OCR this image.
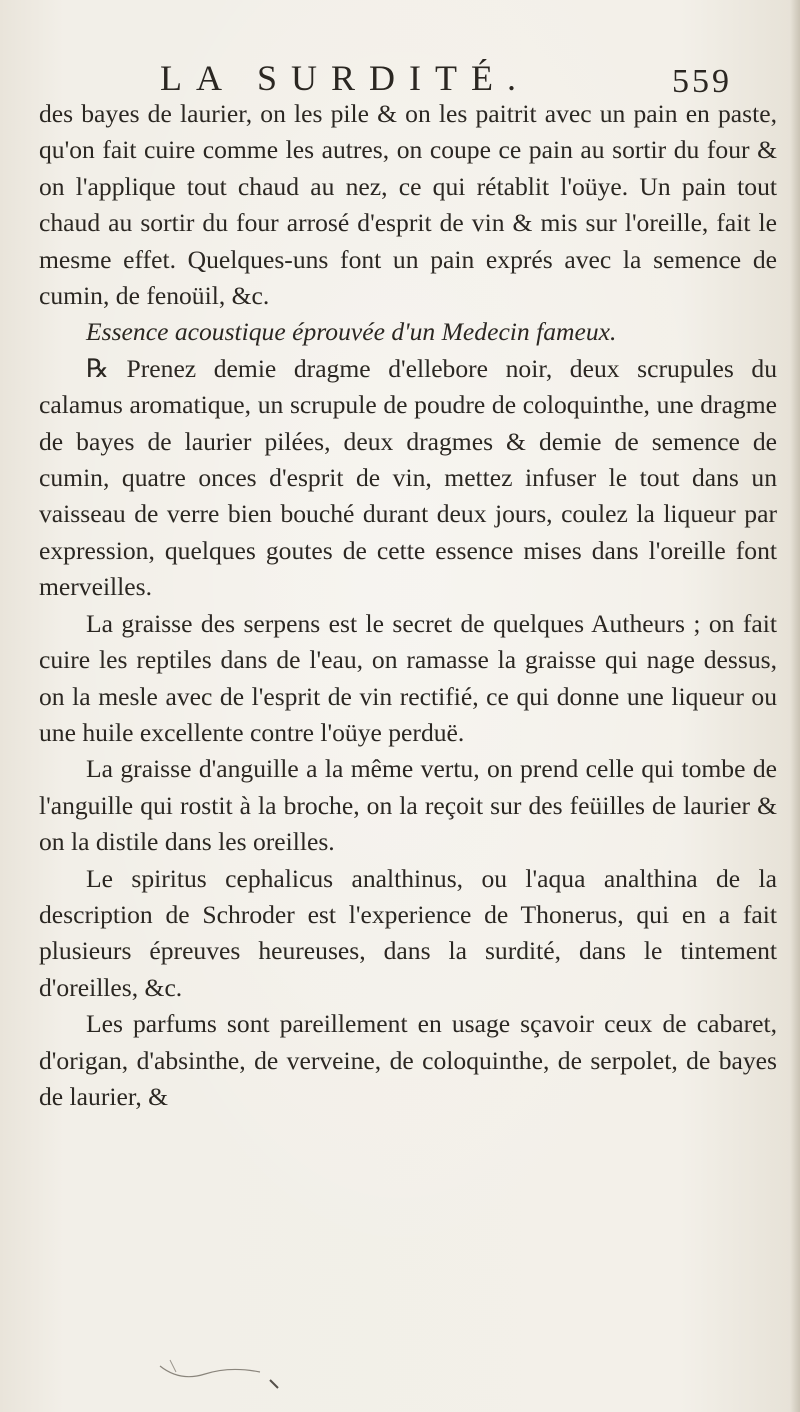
LA SURDITÉ.	559

des bayes de laurier, on les pile & on les paitrit avec un pain en paste, qu'on fait cuire comme les autres, on coupe ce pain au sortir du four & on l'applique tout chaud au nez, ce qui rétablit l'oüye. Un pain tout chaud au sortir du four arrosé d'esprit de vin & mis sur l'oreille, fait le mesme effet. Quelques-uns font un pain exprés avec la semence de cumin, de fenoüil, &c.

Essence acoustique éprouvée d'un Medecin fameux.

℞ Prenez demie dragme d'ellebore noir, deux scrupules du calamus aromatique, un scrupule de poudre de coloquinthe, une dragme de bayes de laurier pilées, deux dragmes & demie de semence de cumin, quatre onces d'esprit de vin, mettez infuser le tout dans un vaisseau de verre bien bouché durant deux jours, coulez la liqueur par expression, quelques goutes de cette essence mises dans l'oreille font merveilles.

La graisse des serpens est le secret de quelques Autheurs ; on fait cuire les reptiles dans de l'eau, on ramasse la graisse qui nage dessus, on la mesle avec de l'esprit de vin rectifié, ce qui donne une liqueur ou une huile excellente contre l'oüye perduë.

La graisse d'anguille a la même vertu, on prend celle qui tombe de l'anguille qui rostit à la broche, on la reçoit sur des feüilles de laurier & on la distile dans les oreilles.

Le spiritus cephalicus analthinus, ou l'aqua analthina de la description de Schroder est l'experience de Thonerus, qui en a fait plusieurs épreuves heureuses, dans la surdité, dans le tintement d'oreilles, &c.

Les parfums sont pareillement en usage sçavoir ceux de cabaret, d'origan, d'absinthe, de verveine, de coloquinthe, de serpolet, de bayes de laurier, &
